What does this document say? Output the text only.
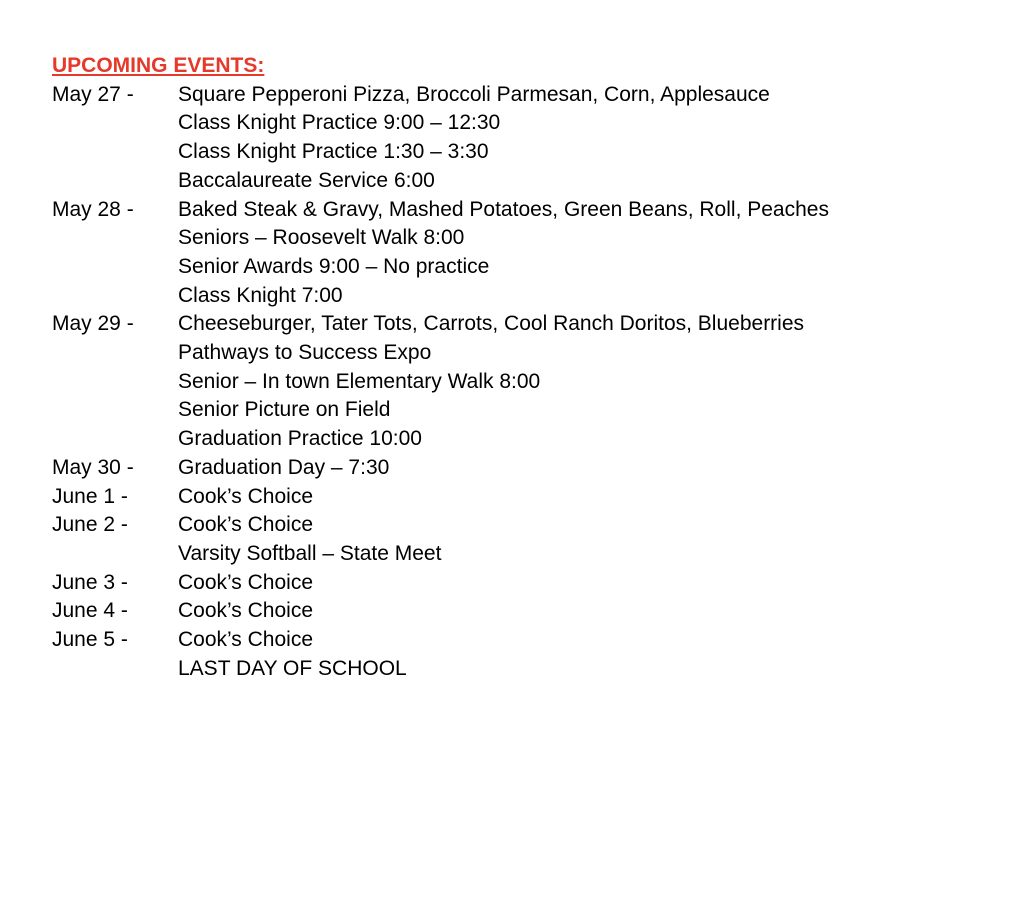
UPCOMING EVENTS:
May 27 -	Square Pepperoni Pizza, Broccoli Parmesan, Corn, Applesauce
Class Knight Practice 9:00 – 12:30
Class Knight Practice 1:30 – 3:30
Baccalaureate Service 6:00
May 28 -	Baked Steak & Gravy, Mashed Potatoes, Green Beans, Roll, Peaches
Seniors – Roosevelt Walk 8:00
Senior Awards 9:00 – No practice
Class Knight 7:00
May 29 -	Cheeseburger, Tater Tots, Carrots, Cool Ranch Doritos, Blueberries
Pathways to Success Expo
Senior – In town Elementary Walk 8:00
Senior Picture on Field
Graduation Practice 10:00
May 30 -	Graduation Day – 7:30
June 1 -	Cook’s Choice
June 2 -	Cook’s Choice
Varsity Softball – State Meet
June 3 -	Cook’s Choice
June 4 -	Cook’s Choice
June 5 -	Cook’s Choice
LAST DAY OF SCHOOL
